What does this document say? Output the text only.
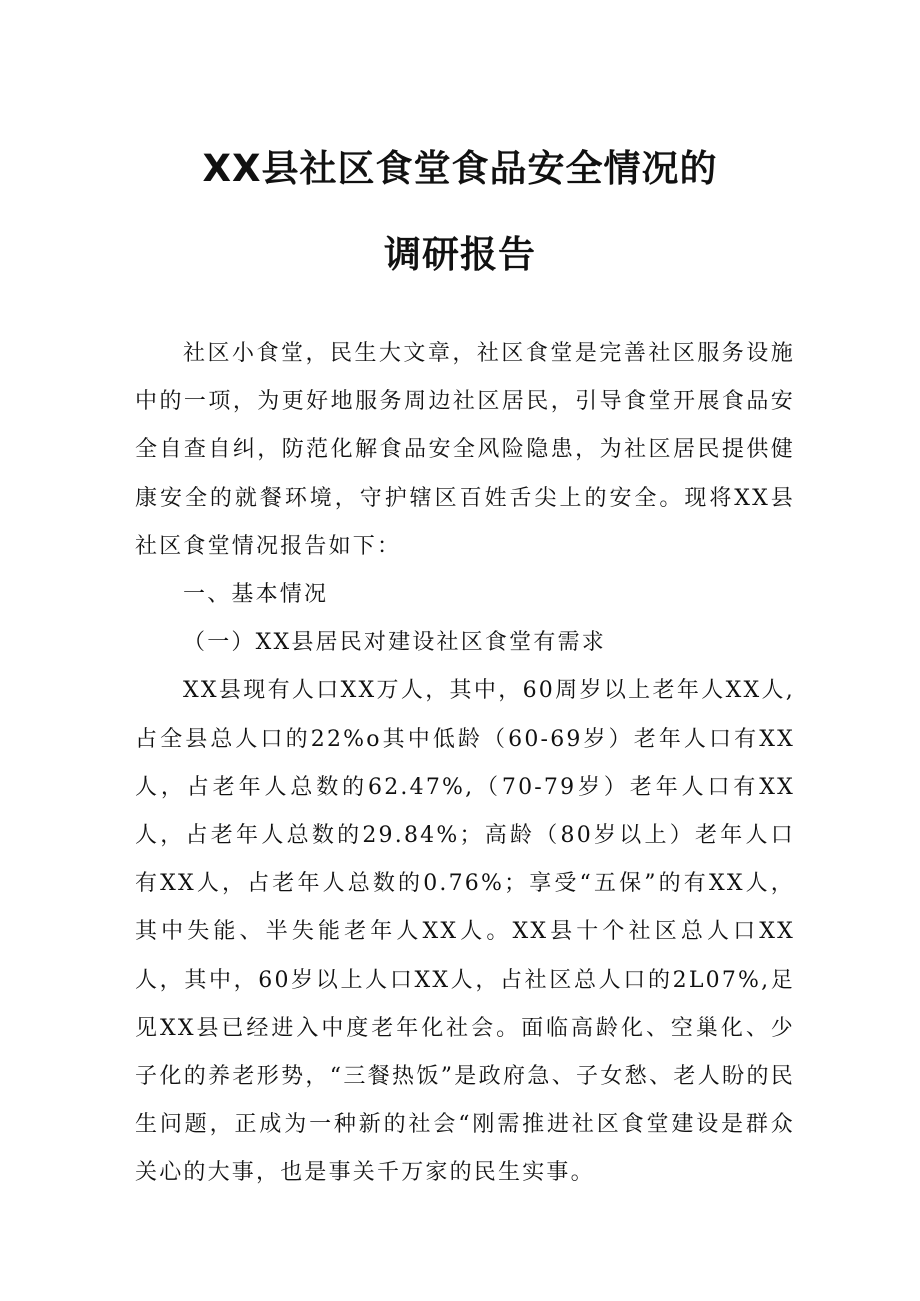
XX县社区食堂食品安全情况的
调研报告

社区小食堂，民生大文章，社区食堂是完善社区服务设施中的一项，为更好地服务周边社区居民，引导食堂开展食品安全自查自纠，防范化解食品安全风险隐患，为社区居民提供健康安全的就餐环境，守护辖区百姓舌尖上的安全。现将XX县社区食堂情况报告如下：

一、基本情况

（一）XX县居民对建设社区食堂有需求

XX县现有人口XX万人，其中，60周岁以上老年人XX人,占全县总人口的22%o其中低龄（60-69岁）老年人口有XX人，占老年人总数的62.47%,（70-79岁）老年人口有XX人，占老年人总数的29.84%；高龄（80岁以上）老年人口有XX人，占老年人总数的0.76%；享受“五保”的有XX人，其中失能、半失能老年人XX人。XX县十个社区总人口XX人，其中，60岁以上人口XX人，占社区总人口的2L07%,足见XX县已经进入中度老年化社会。面临高龄化、空巢化、少子化的养老形势，“三餐热饭”是政府急、子女愁、老人盼的民生问题，正成为一种新的社会“刚需推进社区食堂建设是群众关心的大事，也是事关千万家的民生实事。
